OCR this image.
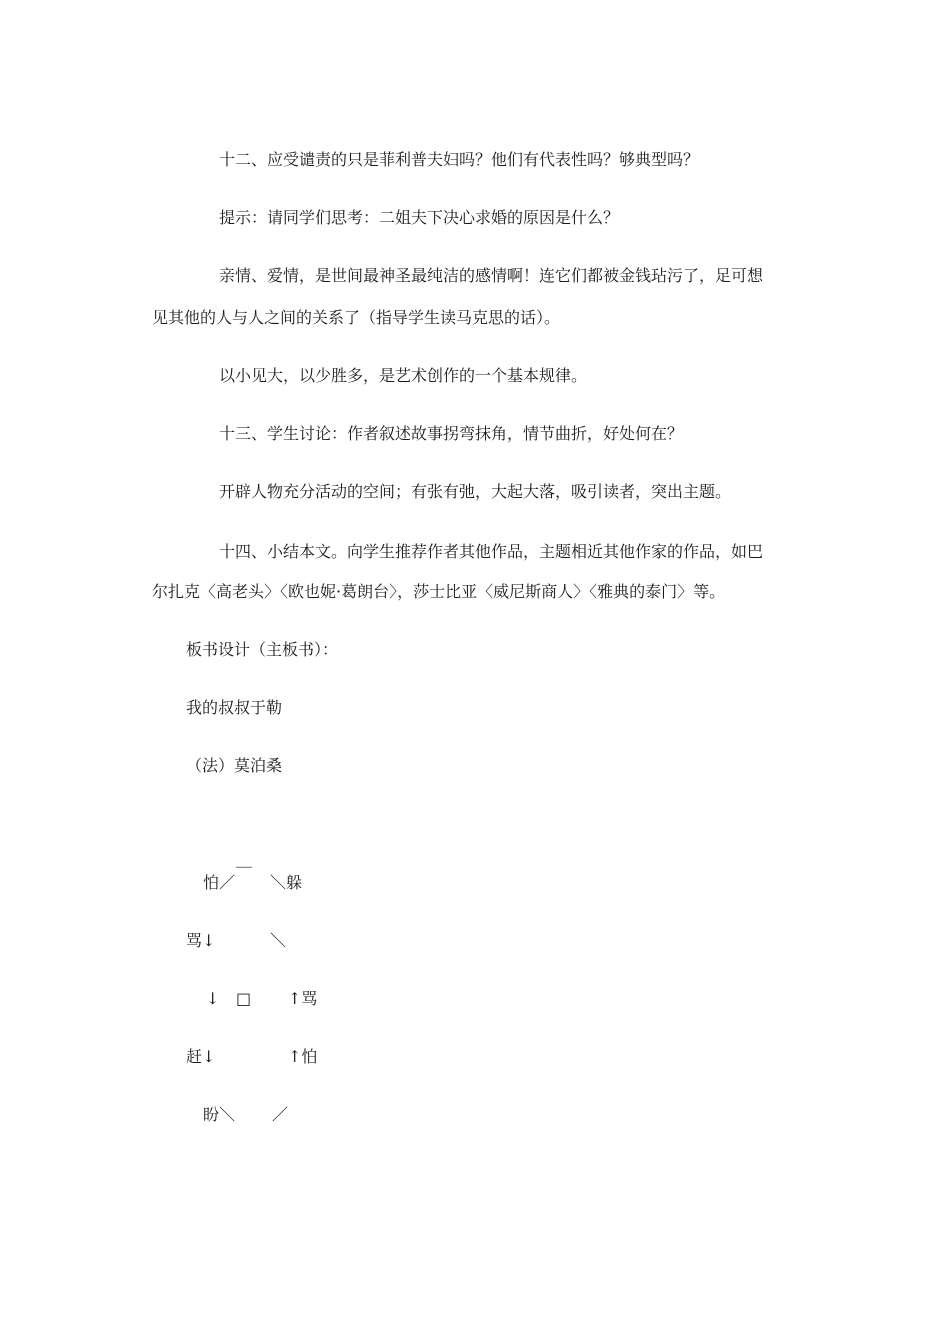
十二、应受谴责的只是菲利普夫妇吗？他们有代表性吗？够典型吗？
提示：请同学们思考：二姐夫下决心求婚的原因是什么？
亲情、爱情，是世间最神圣最纯洁的感情啊！连它们都被金钱玷污了，足可想
见其他的人与人之间的关系了（指导学生读马克思的话）。
以小见大，以少胜多，是艺术创作的一个基本规律。
十三、学生讨论：作者叙述故事拐弯抹角，情节曲折，好处何在？
开辟人物充分活动的空间；有张有弛，大起大落，吸引读者，突出主题。
十四、小结本文。向学生推荐作者其他作品，主题相近其他作家的作品，如巴
尔扎克〈高老头〉〈欧也妮·葛朗台〉，莎士比亚〈威尼斯商人〉〈雅典的泰门〉等。
板书设计（主板书）：
我的叔叔于勒
（法）莫泊桑
怕／ ￣ ＼躲
骂↓	＼
↓ □ ↑骂
赶↓	↑怕
盼＼ ／
